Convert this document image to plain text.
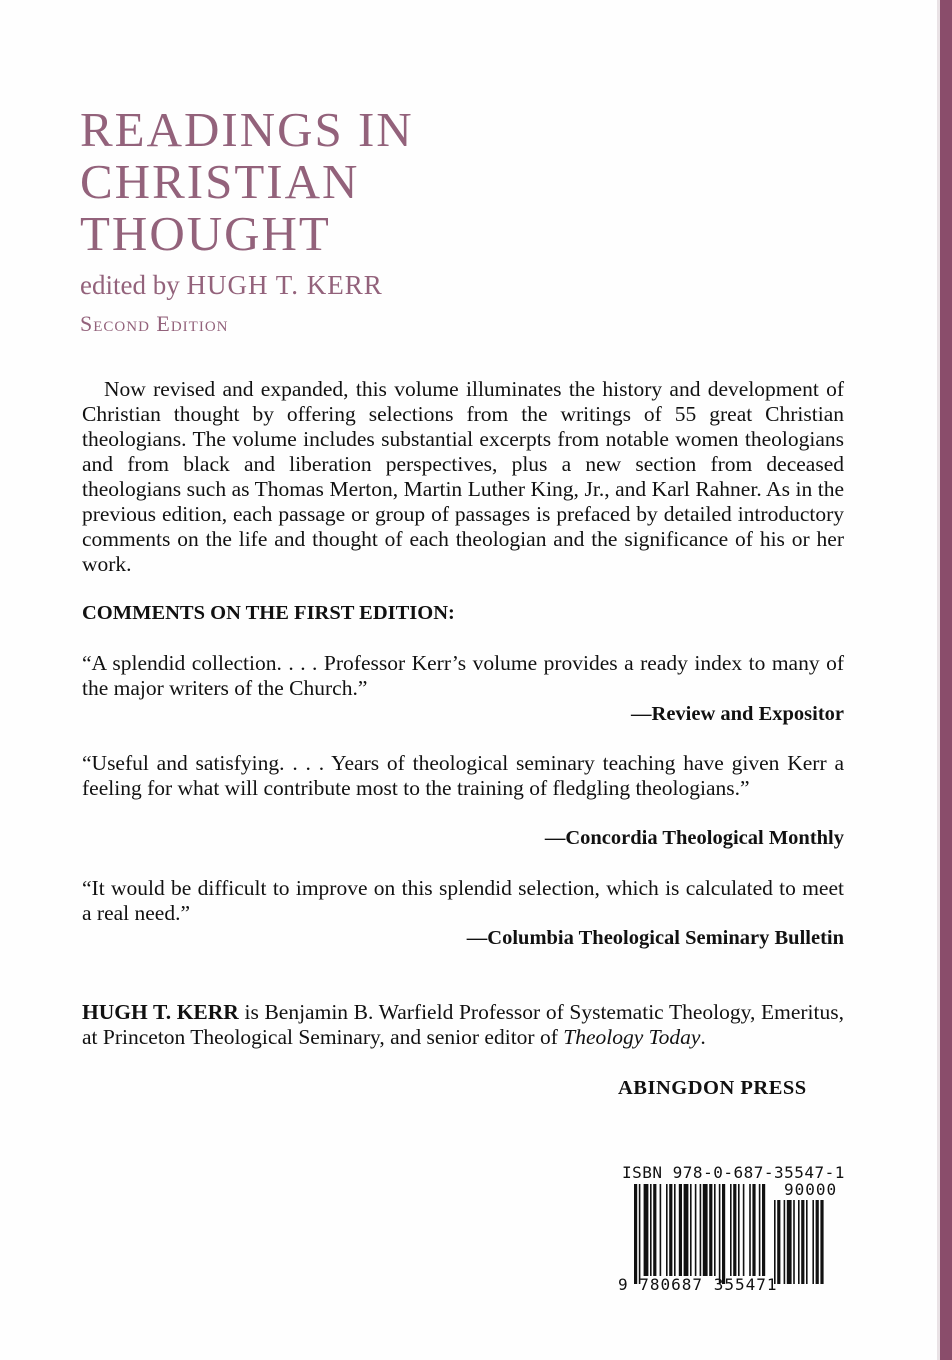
READINGS IN
CHRISTIAN
THOUGHT

edited by HUGH T. KERR

Second Edition

Now revised and expanded, this volume illuminates the history and development of Christian thought by offering selections from the writings of 55 great Christian theologians. The volume includes substantial excerpts from notable women theologians and from black and liberation perspectives, plus a new section from deceased theologians such as Thomas Merton, Martin Luther King, Jr., and Karl Rahner. As in the previous edition, each passage or group of passages is prefaced by detailed introductory comments on the life and thought of each theologian and the significance of his or her work.

COMMENTS ON THE FIRST EDITION:

“A splendid collection. . . . Professor Kerr’s volume provides a ready index to many of the major writers of the Church.”

—Review and Expositor

“Useful and satisfying. . . . Years of theological seminary teaching have given Kerr a feeling for what will contribute most to the training of fledgling theologians.”

—Concordia Theological Monthly

“It would be difficult to improve on this splendid selection, which is calculated to meet a real need.”

—Columbia Theological Seminary Bulletin

HUGH T. KERR is Benjamin B. Warfield Professor of Systematic Theology, Emeritus, at Princeton Theological Seminary, and senior editor of Theology Today.

ABINGDON PRESS

ISBN 978-0-687-35547-1

90000

9 780687 355471
